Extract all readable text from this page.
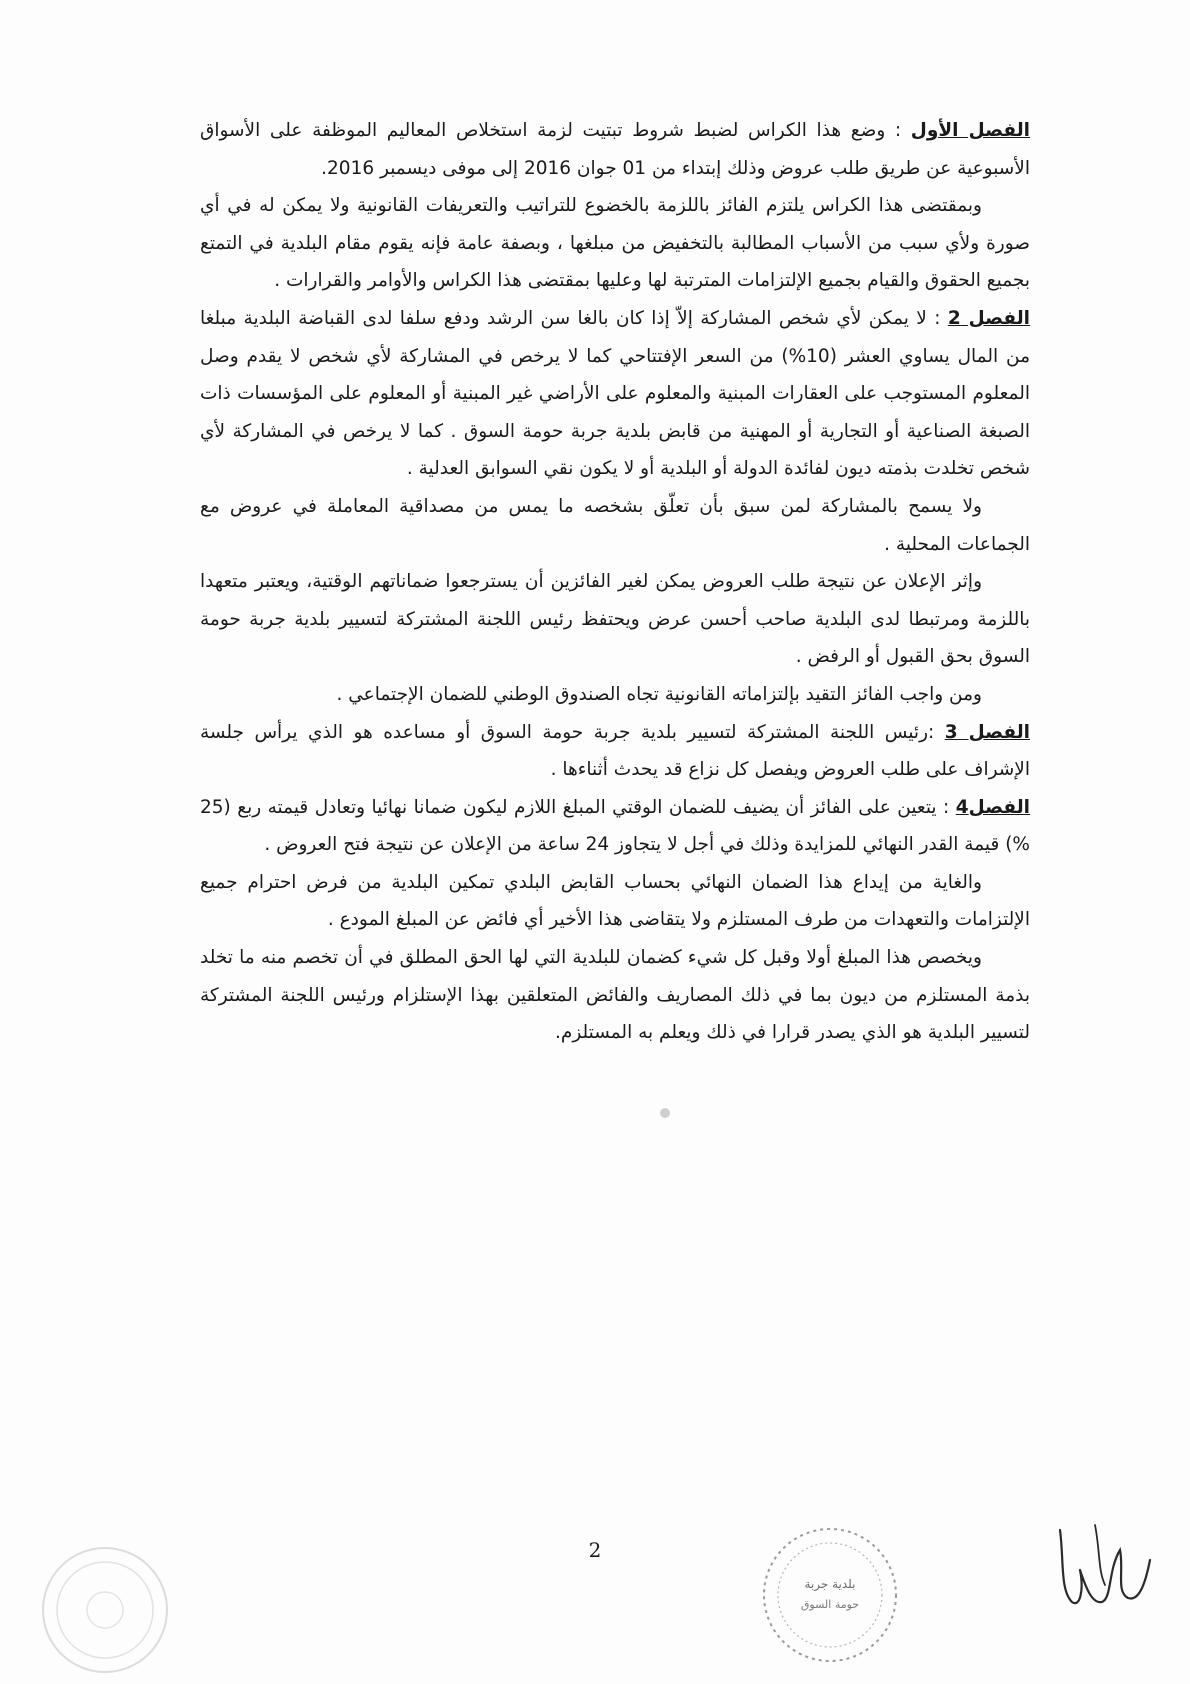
الفصل الأول : وضع هذا الكراس لضبط شروط تبتيت لزمة استخلاص المعاليم الموظفة على الأسواق الأسبوعية عن طريق طلب عروض وذلك إبتداء من 01 جوان 2016 إلى موفى ديسمبر 2016.

وبمقتضى هذا الكراس يلتزم الفائز باللزمة بالخضوع للتراتيب والتعريفات القانونية ولا يمكن له في أي صورة ولأي سبب من الأسباب المطالبة بالتخفيض من مبلغها ، وبصفة عامة فإنه يقوم مقام البلدية في التمتع بجميع الحقوق والقيام بجميع الإلتزامات المترتبة لها وعليها بمقتضى هذا الكراس والأوامر والقرارات .

الفصل 2 : لا يمكن لأي شخص المشاركة إلاّ إذا كان بالغا سن الرشد ودفع سلفا لدى القباضة البلدية مبلغا من المال يساوي العشر (10%) من السعر الإفتتاحي كما لا يرخص في المشاركة لأي شخص لا يقدم وصل المعلوم المستوجب على العقارات المبنية والمعلوم على الأراضي غير المبنية أو المعلوم على المؤسسات ذات الصبغة الصناعية أو التجارية أو المهنية من قابض بلدية جربة حومة السوق . كما لا يرخص في المشاركة لأي شخص تخلدت بذمته ديون لفائدة الدولة أو البلدية أو لا يكون نقي السوابق العدلية .

ولا يسمح بالمشاركة لمن سبق بأن تعلّق بشخصه ما يمس من مصداقية المعاملة في عروض مع الجماعات المحلية .

وإثر الإعلان عن نتيجة طلب العروض يمكن لغير الفائزين أن يسترجعوا ضماناتهم الوقتية، ويعتبر متعهدا باللزمة ومرتبطا لدى البلدية صاحب أحسن عرض ويحتفظ رئيس اللجنة المشتركة لتسيير بلدية جربة حومة السوق بحق القبول أو الرفض .

ومن واجب الفائز التقيد بإلتزاماته القانونية تجاه الصندوق الوطني للضمان الإجتماعي .

الفصل 3 :رئيس اللجنة المشتركة لتسيير بلدية جربة حومة السوق أو مساعده هو الذي يرأس جلسة الإشراف على طلب العروض ويفصل كل نزاع قد يحدث أثناءها .

الفصل4 : يتعين على الفائز أن يضيف للضمان الوقتي المبلغ اللازم ليكون ضمانا نهائيا وتعادل قيمته ربع (25 %) قيمة القدر النهائي للمزايدة وذلك في أجل لا يتجاوز 24 ساعة من الإعلان عن نتيجة فتح العروض .

والغاية من إيداع هذا الضمان النهائي بحساب القابض البلدي تمكين البلدية من فرض احترام جميع الإلتزامات والتعهدات من طرف المستلزم ولا يتقاضى هذا الأخير أي فائض عن المبلغ المودع .

ويخصص هذا المبلغ أولا وقبل كل شيء كضمان للبلدية التي لها الحق المطلق في أن تخصم منه ما تخلد بذمة المستلزم من ديون بما في ذلك المصاريف والفائض المتعلقين بهذا الإستلزام ورئيس اللجنة المشتركة لتسيير البلدية هو الذي يصدر قرارا في ذلك ويعلم به المستلزم.

2
بلدية جربة
حومة السوق
